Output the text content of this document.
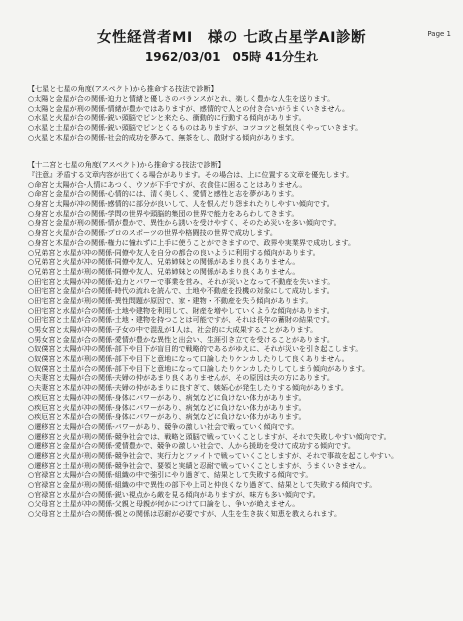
Page 1
女性経営者MI　様の 七政占星学AI診断
1962/03/01　05時 41分生れ
【七星と七星の角度(アスペクト)から推命する技法で診断】
○太陽と金星が合の関係-迫力と情緒と優しさのバランスがとれ、楽しく豊かな人生を送ります。
○太陽と金星が刑の関係-情緒が豊かではありますが、感情的で人との付き合いがうまくいきません。
○水星と火星が合の関係-鋭い頭脳でピンと来たら、衝動的に行動する傾向があります。
○水星と土星が合の関係-鋭い頭脳でピンとくるものはありますが、コツコツと根気良くやっていきます。
○火星と木星が合の関係-社会的成功を夢みて、無茶をし、散財する傾向があります。
【十二宮と七星の角度(アスペクト)から推命する技法で診断】
『注意』矛盾する文章内容が出てくる場合があります。その場合は、上に位置する文章を優先します。
○命宮と太陽が合-人情にあつく、ウソが下手ですが、衣食住に困ることはありません。
○命宮と金星が合の関係-心情的には、清く美しく、愛情と感性と志を夢があります。
○身宮と太陽が冲の関係-感情的に部分が良いして、人を恨んだり怨まれたりしやすい傾向です。
○身宮と水星が合の関係-学問の世界や頭脳的集団の世界で能力をあらわしてきます。
○身宮と金星が刑の関係-情が豊かで、異性から誘いを受けやすく、そのため災いを多い傾向です。
○身宮と火星が合の関係-プロのスポーツの世界や格闘技の世界で成功します。
○身宮と木星が合の関係-権力に憧れずに上手に使うことができますので、政界や実業界で成功します。
○兄弟宮と水星が冲の関係-同僚や友人を自分の都合の良いように利用する傾向があります。
○兄弟宮と火星が冲の関係-同僚や友人、兄弟姉妹との関係があまり良くありません。
○兄弟宮と土星が刑の関係-同僚や友人、兄弟姉妹との関係があまり良くありません。
○田宅宮と太陽が冲の関係-迫力とパワーで事業を営み、それが災いとなって不動産を失います。
○田宅宮と金星が合の関係-時代の流れを読んで、土地や不動産を投機の対象にして成功します。
○田宅宮と金星が刑の関係-異性問題が原因で、家・建物・不動産を失う傾向があります。
○田宅宮と水星が合の関係-土地や建物を利用して、財産を増やしていくような傾向があります。
○田宅宮と土星が合の関係-土地・建物を持つことは可能ですが、それは長年の蓄財の結果です。
○男女宮と太陽が冲の関係-子女の中で混乱が1人は、社会的に大成果することがあります。
○男女宮と金星が合の関係-愛情が豊かな異性と出会い、生涯引き立てを受けることがあります。
○奴僕宮と太陽が冲の関係-部下や目下が盲目的で戦略的であるがゆえに、それが災いを引き起こします。
○奴僕宮と木星が刑の関係-部下や目下と意地になって口論したりケンカしたりして良くありません。
○奴僕宮と土星が合の関係-部下や目下と意地になって口論したりケンカしたりしてしまう傾向があります。
○夫妻宮と太陽が合の関係-夫婦の仲があまり良くありませんが、その原因は夫の方にあります。
○夫妻宮と木星が冲の関係-夫婦の仲があまりに良すぎて、嫉妬心が発生したりする傾向があります。
○疾厄宮と太陽が冲の関係-身体にパワーがあり、病気などに負けない体力があります。
○疾厄宮と火星が冲の関係-身体にパワーがあり、病気などに負けない体力があります。
○疾厄宮と木星が合の関係-身体にパワーがあり、病気などに負けない体力があります。
○遷移宮と太陽が合の関係-パワーがあり、競争の激しい社会で戦っていく傾向です。
○遷移宮と火星が刑の関係-競争社会では、戦略と頭脳で戦っていくことしますが、それで失敗しやすい傾向です。
○遷移宮と金星が合の関係-愛情豊かで、競争の激しい社会で、人から援助を受けて成功する傾向です。
○遷移宮と火星が刑の関係-競争社会で、実行力とファイトで戦っていくことしますが、それで事故を起こしやすい。
○遷移宮と土星が刑の関係-競争社会で、要領と実績と忍耐で戦っていくことしますが、うまくいきません。
○官禄宮と太陽が合の関係-組織の中で強引にやり過ぎて、結果として失敗する傾向です。
○官禄宮と金星が刑の関係-組織の中で異性の部下や上司と仲良くなり過ぎて、結果として失敗する傾向です。
○官禄宮と水星が合の関係-鋭い視点から敵を見る傾向がありますが、味方も多い傾向です。
○父母宮と土星が冲の関係-父親と母親が何かにつけて口論をし、争いが絶えません。
○父母宮と土星が合の関係-親との関係は忍耐が必要ですが、人生を生き抜く知恵を教えられます。
